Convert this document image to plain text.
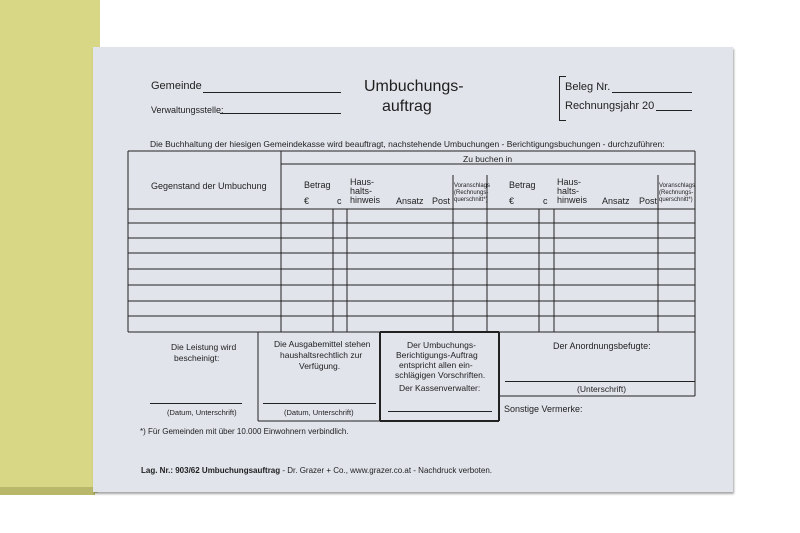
Gemeinde
Verwaltungsstelle:
Umbuchungs-
auftrag
Beleg Nr.
Rechnungsjahr 20
Die Buchhaltung der hiesigen Gemeindekasse wird beauftragt, nachstehende Umbuchungen - Berichtigungsbuchungen - durchzuführen:
Gegenstand der Umbuchung
Zu buchen in
Betrag
€	c
Haus-
halts-
hinweis Ansatz Post
Voranschlags
(Rechnungs-
querschnitt*)
Betrag
€	c
Haus-
halts-
hinweis Ansatz Post
Voranschlags
(Rechnungs-
querschnitt*)
Die Leistung wird
bescheinigt:
(Datum, Unterschrift)
Die Ausgabemittel stehen
haushaltsrechtlich zur
Verfügung.
(Datum, Unterschrift)
Der Umbuchungs-
Berichtigungs-Auftrag
entspricht allen ein-
schlägigen Vorschriften.
Der Kassenverwalter:
Der Anordnungsbefugte:
(Unterschrift)
Sonstige Vermerke:
*) Für Gemeinden mit über 10.000 Einwohnern verbindlich.
Lag. Nr.: 903/62 Umbuchungsauftrag - Dr. Grazer + Co., www.grazer.co.at - Nachdruck verboten.
